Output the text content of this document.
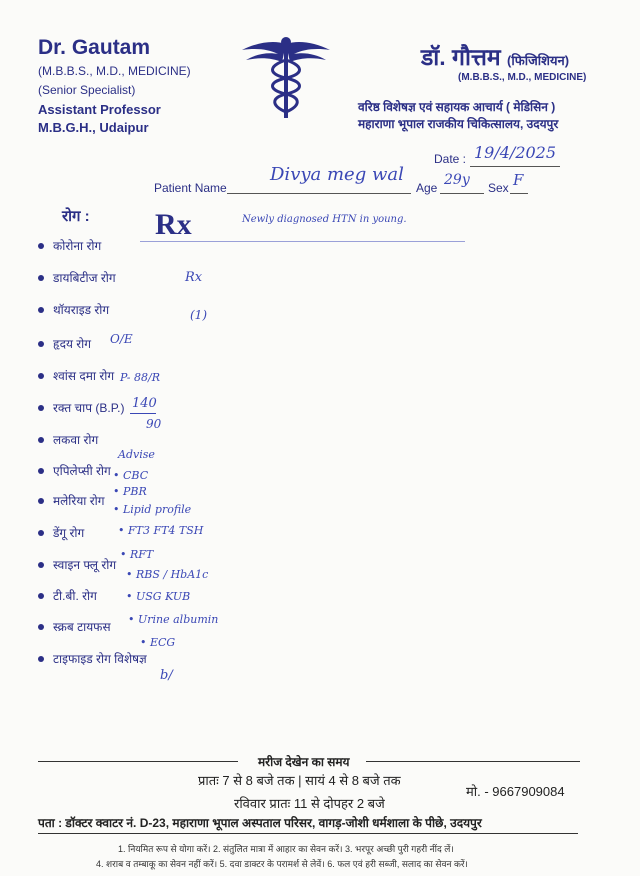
Dr. Gautam
(M.B.B.S., M.D., MEDICINE)
(Senior Specialist)
Assistant Professor
M.B.G.H., Udaipur
डॉ. गौत्तम (फिजिशियन)
(M.B.B.S., M.D., MEDICINE)
वरिष्ठ विशेषज्ञ एवं सहायक आचार्य ( मेडिसिन )
महाराणा भूपाल राजकीय चिकित्सालय, उदयपुर
Date : 19/4/2025
Patient Name
Divya meg wal
Age 29y Sex F
रोग : Rx	Newly diagnosed HTN in young.
कोरोना रोग
डायबिटीज रोग
थॉयराइड रोग
हृदय रोग
श्वांस दमा रोग
रक्त चाप (B.P.)
लकवा रोग
एपिलेप्सी रोग
मलेरिया रोग
डेंगू रोग
स्वाइन फ्लू रोग
टी.बी. रोग
स्क्रब टायफस
टाइफाइड रोग विशेषज्ञ
Rx
(1)
O/E
P- 88/R
140
90
Advise
• CBC
• PBR
• Lipid profile
• FT3 FT4 TSH
• RFT
• RBS / HbA1c
• USG KUB
• Urine albumin
• ECG
b/
मरीज देखेन का समय
प्रातः 7 से 8 बजे तक | सायं 4 से 8 बजे तक
रविवार प्रातः 11 से दोपहर 2 बजे
मो. - 9667909084
पता : डॉक्टर क्वाटर नं. D-23, महाराणा भूपाल अस्पताल परिसर, वागड़-जोशी धर्मशाला के पीछे, उदयपुर
1. नियमित रूप से योगा करें। 2. संतुलित मात्रा में आहार का सेवन करें। 3. भरपूर अच्छी पुरी गहरी नींद लें।
4. शराब व तम्बाकू का सेवन नहीं करें। 5. दवा डाक्टर के परामर्श से लेवें। 6. फल एवं हरी सब्जी, सलाद का सेवन करें।
